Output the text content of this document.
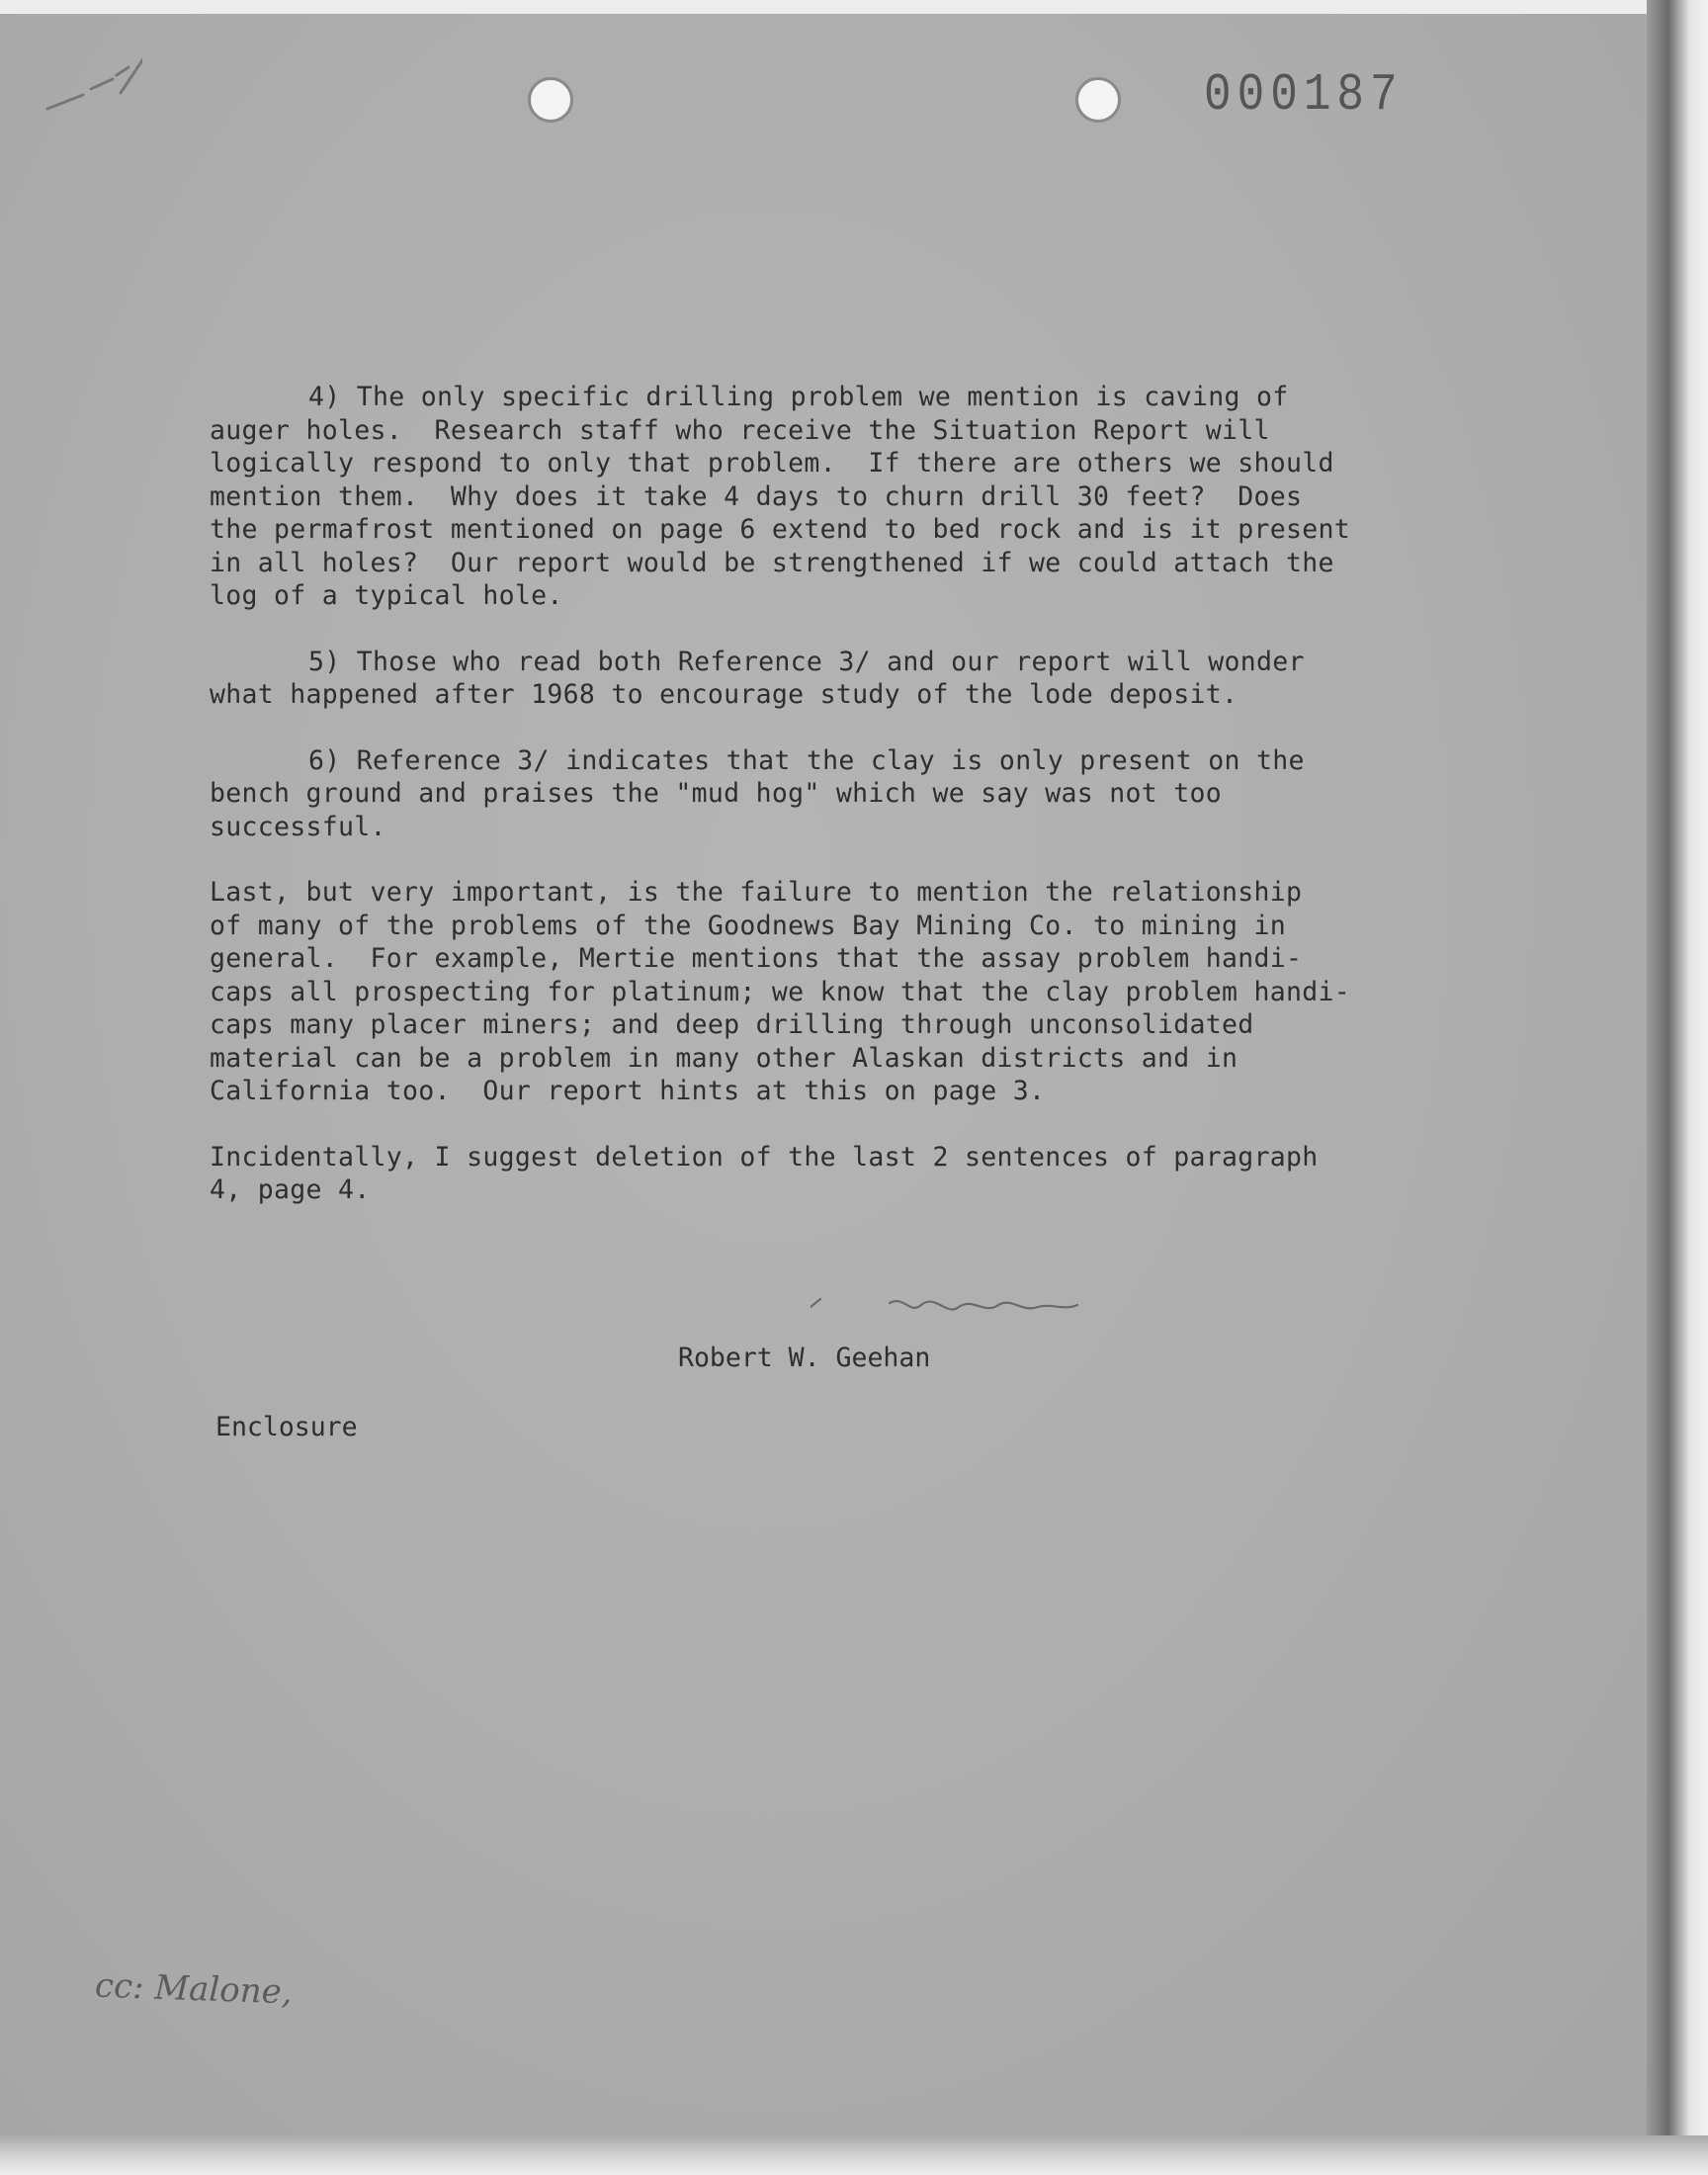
000187

4) The only specific drilling problem we mention is caving of
auger holes.  Research staff who receive the Situation Report will
logically respond to only that problem.  If there are others we should
mention them.  Why does it take 4 days to churn drill 30 feet?  Does
the permafrost mentioned on page 6 extend to bed rock and is it present
in all holes?  Our report would be strengthened if we could attach the
log of a typical hole.

5) Those who read both Reference 3/ and our report will wonder
what happened after 1968 to encourage study of the lode deposit.

6) Reference 3/ indicates that the clay is only present on the
bench ground and praises the "mud hog" which we say was not too
successful.

Last, but very important, is the failure to mention the relationship
of many of the problems of the Goodnews Bay Mining Co. to mining in
general.  For example, Mertie mentions that the assay problem handi-
caps all prospecting for platinum; we know that the clay problem handi-
caps many placer miners; and deep drilling through unconsolidated
material can be a problem in many other Alaskan districts and in
California too.  Our report hints at this on page 3.

Incidentally, I suggest deletion of the last 2 sentences of paragraph
4, page 4.

Robert W. Geehan
Enclosure
cc: Malone,
